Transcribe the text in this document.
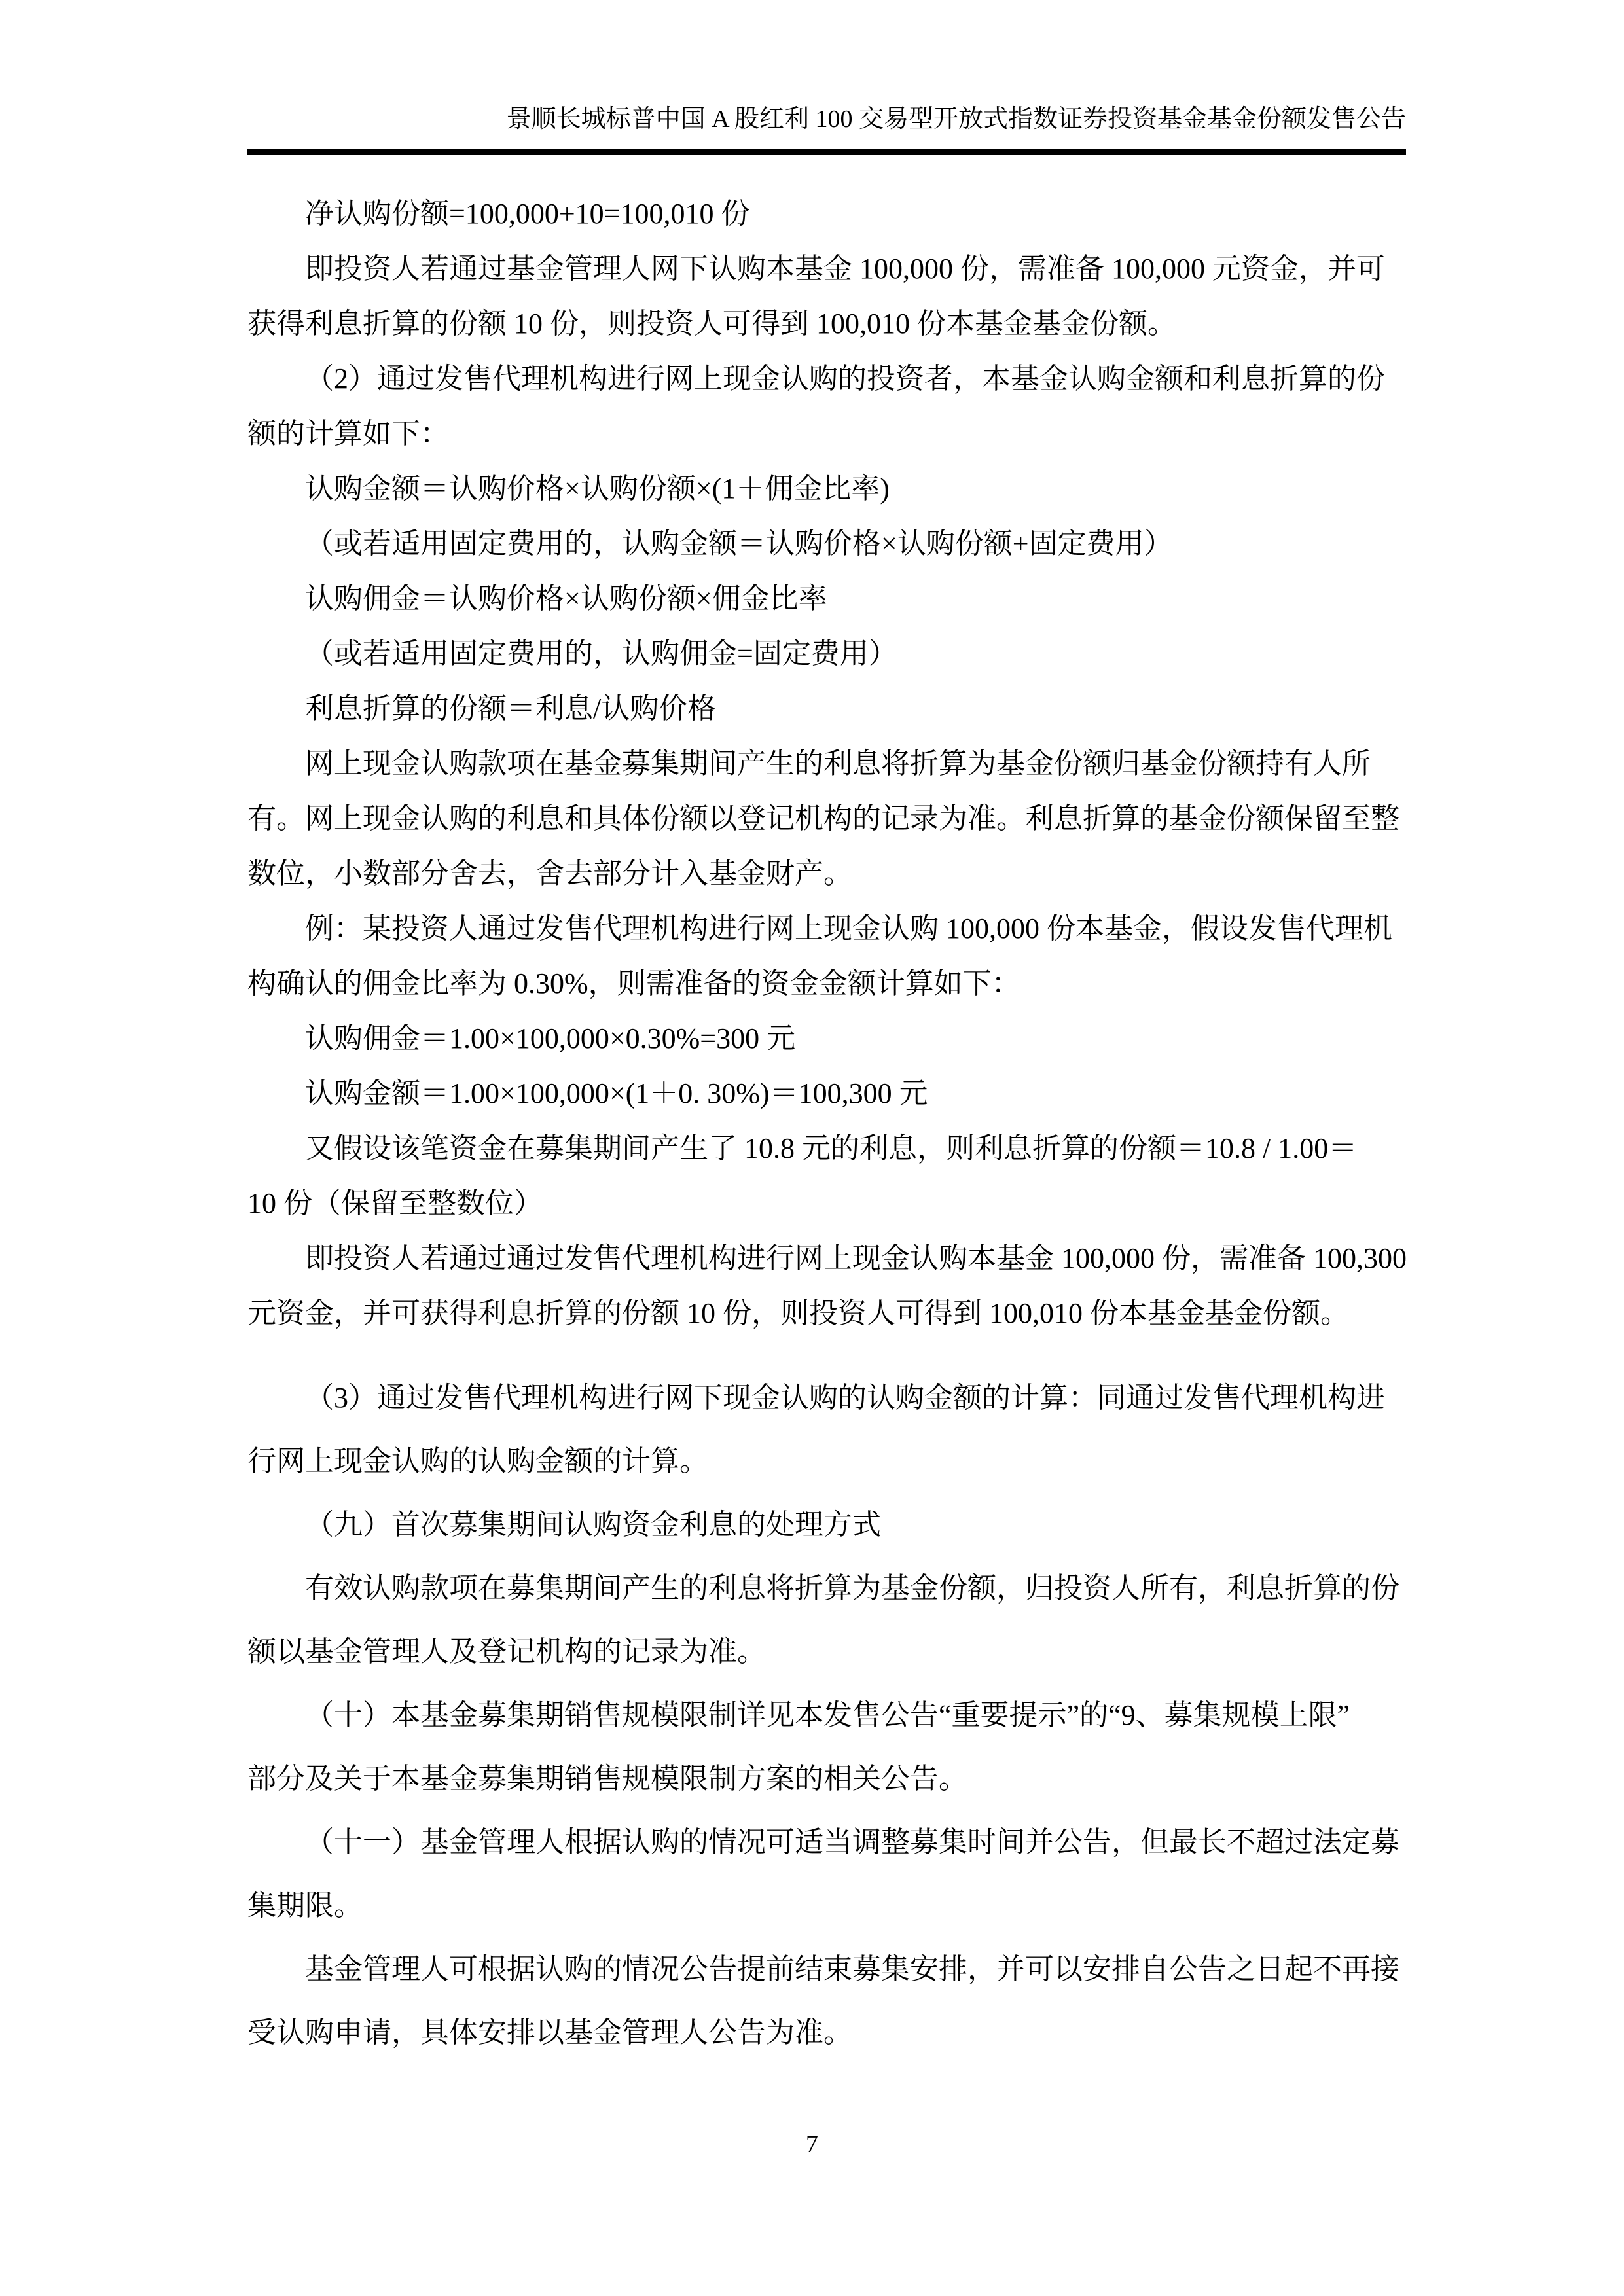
景顺长城标普中国 A 股红利 100 交易型开放式指数证券投资基金基金份额发售公告
净认购份额=100,000+10=100,010 份
即投资人若通过基金管理人网下认购本基金 100,000 份，需准备 100,000 元资金，并可
获得利息折算的份额 10 份，则投资人可得到 100,010 份本基金基金份额。
（2）通过发售代理机构进行网上现金认购的投资者，本基金认购金额和利息折算的份
额的计算如下：
认购金额＝认购价格×认购份额×(1＋佣金比率)
（或若适用固定费用的，认购金额＝认购价格×认购份额+固定费用）
认购佣金＝认购价格×认购份额×佣金比率
（或若适用固定费用的，认购佣金=固定费用）
利息折算的份额＝利息/认购价格
网上现金认购款项在基金募集期间产生的利息将折算为基金份额归基金份额持有人所
有。网上现金认购的利息和具体份额以登记机构的记录为准。利息折算的基金份额保留至整
数位，小数部分舍去，舍去部分计入基金财产。
例：某投资人通过发售代理机构进行网上现金认购 100,000 份本基金，假设发售代理机
构确认的佣金比率为 0.30%，则需准备的资金金额计算如下：
认购佣金＝1.00×100,000×0.30%=300 元
认购金额＝1.00×100,000×(1＋0. 30%)＝100,300 元
又假设该笔资金在募集期间产生了 10.8 元的利息，则利息折算的份额＝10.8 / 1.00＝
10 份（保留至整数位）
即投资人若通过通过发售代理机构进行网上现金认购本基金 100,000 份，需准备 100,300
元资金，并可获得利息折算的份额 10 份，则投资人可得到 100,010 份本基金基金份额。
（3）通过发售代理机构进行网下现金认购的认购金额的计算：同通过发售代理机构进
行网上现金认购的认购金额的计算。
（九）首次募集期间认购资金利息的处理方式
有效认购款项在募集期间产生的利息将折算为基金份额，归投资人所有，利息折算的份
额以基金管理人及登记机构的记录为准。
（十）本基金募集期销售规模限制详见本发售公告“重要提示”的“9、募集规模上限”
部分及关于本基金募集期销售规模限制方案的相关公告。
（十一）基金管理人根据认购的情况可适当调整募集时间并公告，但最长不超过法定募
集期限。
基金管理人可根据认购的情况公告提前结束募集安排，并可以安排自公告之日起不再接
受认购申请，具体安排以基金管理人公告为准。
7
